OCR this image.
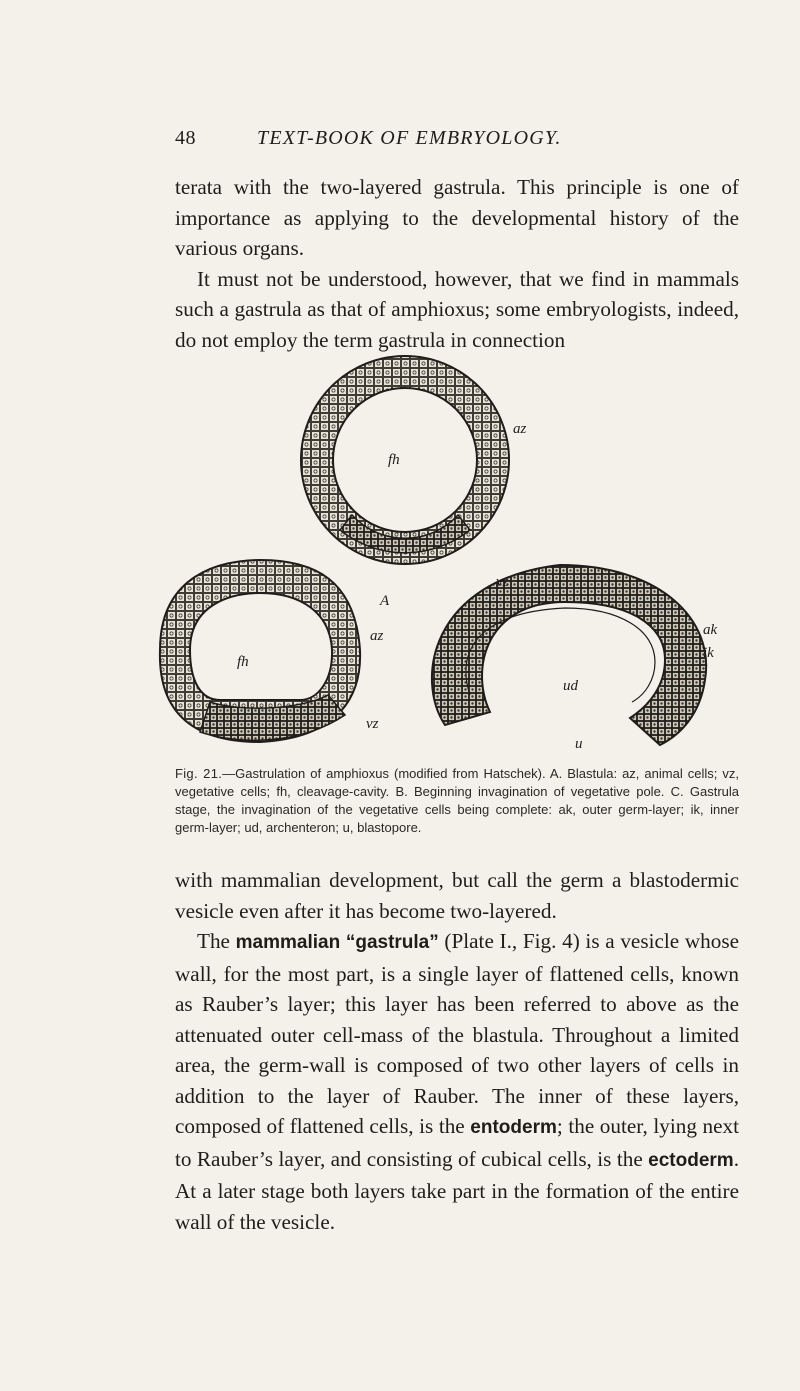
48	TEXT-BOOK OF EMBRYOLOGY.

terata with the two-layered gastrula. This principle is one of importance as applying to the developmental history of the various organs.

It must not be understood, however, that we find in mammals such a gastrula as that of amphioxus; some embryologists, indeed, do not employ the term gastrula in connection

fh
az
vz
A
fh
az
vz
ak
ik
ud
u
Fig. 21.—Gastrulation of amphioxus (modified from Hatschek). A. Blastula: az, animal cells; vz, vegetative cells; fh, cleavage-cavity. B. Beginning invagination of vegetative pole. C. Gastrula stage, the invagination of the vegetative cells being complete: ak, outer germ-layer; ik, inner germ-layer; ud, archenteron; u, blastopore.

with mammalian development, but call the germ a blastodermic vesicle even after it has become two-layered.

The mammalian “gastrula” (Plate I., Fig. 4) is a vesicle whose wall, for the most part, is a single layer of flattened cells, known as Rauber’s layer; this layer has been referred to above as the attenuated outer cell-mass of the blastula. Throughout a limited area, the germ-wall is composed of two other layers of cells in addition to the layer of Rauber. The inner of these layers, composed of flattened cells, is the entoderm; the outer, lying next to Rauber’s layer, and consisting of cubical cells, is the ectoderm. At a later stage both layers take part in the formation of the entire wall of the vesicle.
